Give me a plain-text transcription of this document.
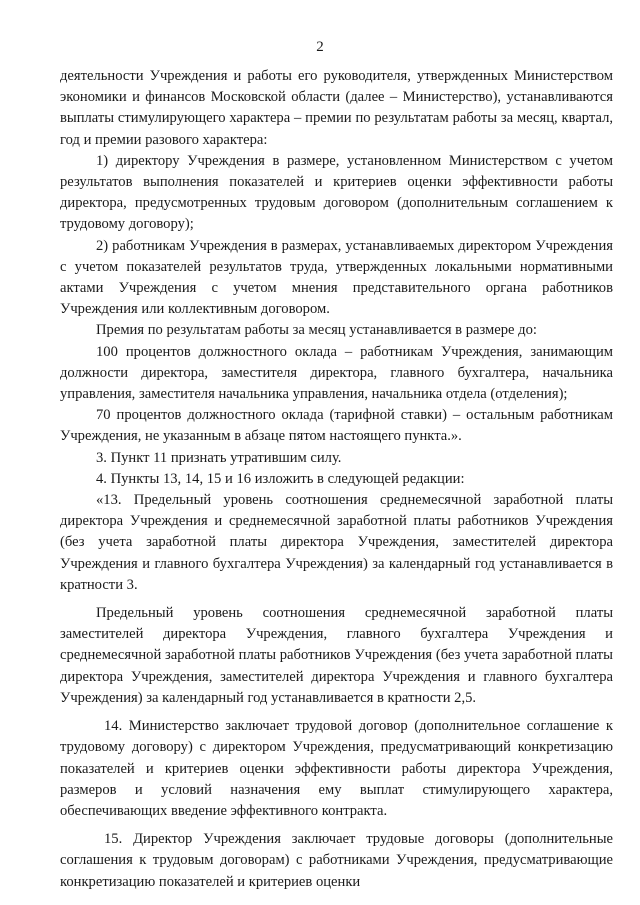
2

деятельности Учреждения и работы его руководителя, утвержденных Министерством экономики и финансов Московской области (далее – Министерство), устанавливаются выплаты стимулирующего характера – премии по результатам работы за месяц, квартал, год и премии разового характера:

1) директору Учреждения в размере, установленном Министерством с учетом результатов выполнения показателей и критериев оценки эффективности работы директора, предусмотренных трудовым договором (дополнительным соглашением к трудовому договору);

2) работникам Учреждения в размерах, устанавливаемых директором Учреждения с учетом показателей результатов труда, утвержденных локальными нормативными актами Учреждения с учетом мнения представительного органа работников Учреждения или коллективным договором.

Премия по результатам работы за месяц устанавливается в размере до:

100 процентов должностного оклада – работникам Учреждения, занимающим должности директора, заместителя директора, главного бухгалтера, начальника управления, заместителя начальника управления, начальника отдела (отделения);

70 процентов должностного оклада (тарифной ставки) – остальным работникам Учреждения, не указанным в абзаце пятом настоящего пункта.».

3. Пункт 11 признать утратившим силу.

4. Пункты 13, 14, 15 и 16 изложить в следующей редакции:

«13. Предельный уровень соотношения среднемесячной заработной платы директора Учреждения и среднемесячной заработной платы работников Учреждения (без учета заработной платы директора Учреждения, заместителей директора Учреждения и главного бухгалтера Учреждения) за календарный год устанавливается в кратности 3.

Предельный уровень соотношения среднемесячной заработной платы заместителей директора Учреждения, главного бухгалтера Учреждения и среднемесячной заработной платы работников Учреждения (без учета заработной платы директора Учреждения, заместителей директора Учреждения и главного бухгалтера Учреждения) за календарный год устанавливается в кратности 2,5.

14. Министерство заключает трудовой договор (дополнительное соглашение к трудовому договору) с директором Учреждения, предусматривающий конкретизацию показателей и критериев оценки эффективности работы директора Учреждения, размеров и условий назначения ему выплат стимулирующего характера, обеспечивающих введение эффективного контракта.

15. Директор Учреждения заключает трудовые договоры (дополнительные соглашения к трудовым договорам) с работниками Учреждения, предусматривающие конкретизацию показателей и критериев оценки
